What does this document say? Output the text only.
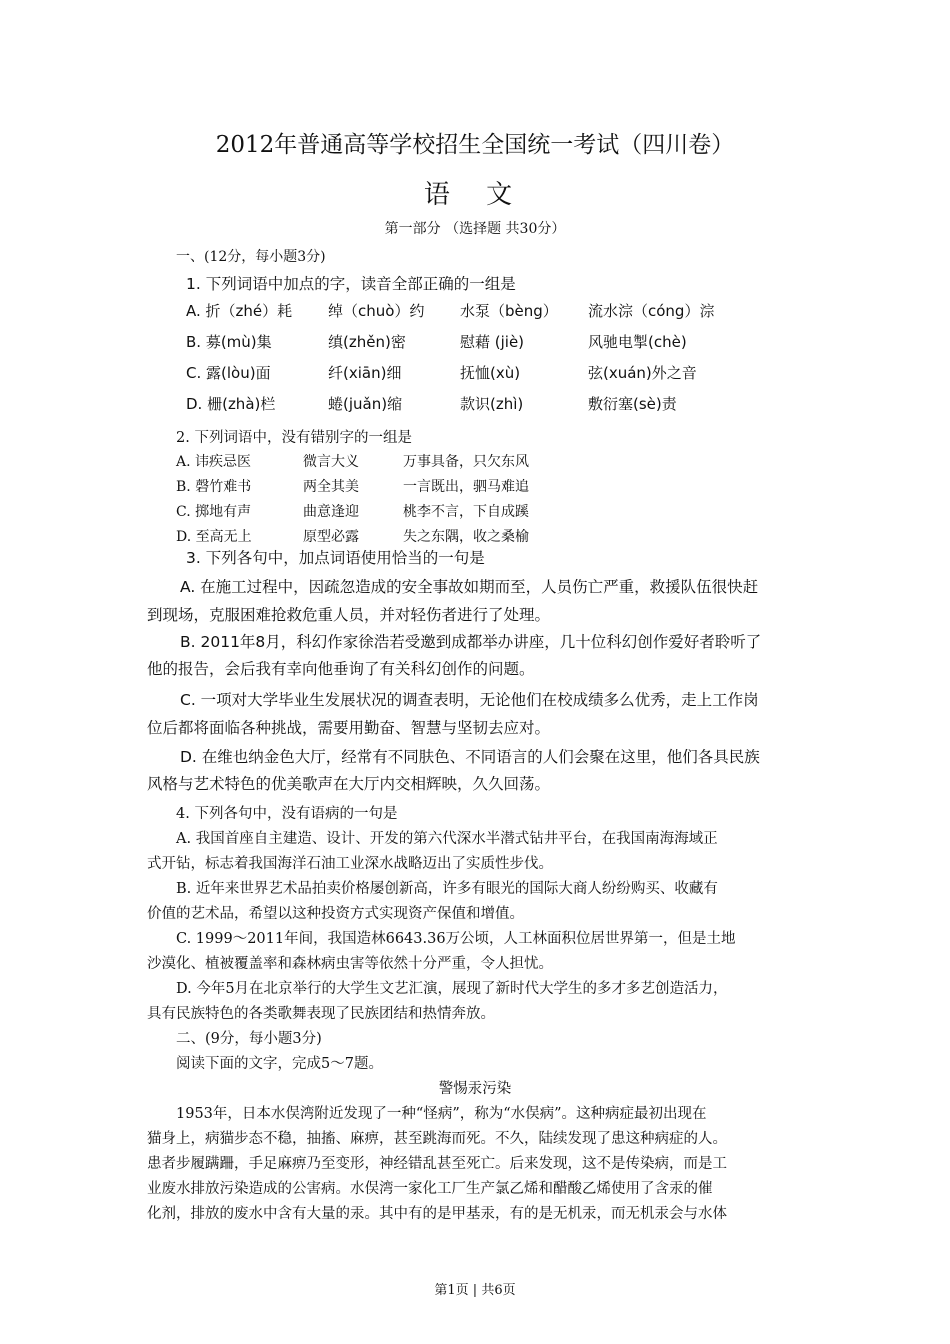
2012年普通高等学校招生全国统一考试（四川卷）
语 文
第一部分 （选择题 共30分）
一、(12分，每小题3分)
1. 下列词语中加点的字，读音全部正确的一组是
A. 折（zhé）耗 绰（chuò）约 水泵（bèng） 流水淙（cóng）淙
B. 募(mù)集	缜(zhěn)密	慰藉 (jiè)	风驰电掣(chè)
C. 露(lòu)面	纤(xiān)细	抚恤(xù)	弦(xuán)外之音
D. 栅(zhà)栏	蜷(juǎn)缩	款识(zhì)	敷衍塞(sè)责
2. 下列词语中，没有错别字的一组是
A. 讳疾忌医	微言大义	万事具备，只欠东风
B. 磬竹难书	两全其美	一言既出，驷马难追
C. 掷地有声	曲意逢迎	桃李不言，下自成蹊
D. 至高无上	原型必露	失之东隅，收之桑榆
3. 下列各句中，加点词语使用恰当的一句是
A. 在施工过程中，因疏忽造成的安全事故如期而至，人员伤亡严重，救援队伍很快赶
到现场，克服困难抢救危重人员，并对轻伤者进行了处理。
B. 2011年8月，科幻作家徐浩若受邀到成都举办讲座，几十位科幻创作爱好者聆听了
他的报告，会后我有幸向他垂询了有关科幻创作的问题。
C. 一项对大学毕业生发展状况的调查表明，无论他们在校成绩多么优秀，走上工作岗
位后都将面临各种挑战，需要用勤奋、智慧与坚韧去应对。
D. 在维也纳金色大厅，经常有不同肤色、不同语言的人们会聚在这里，他们各具民族
风格与艺术特色的优美歌声在大厅内交相辉映，久久回荡。
4. 下列各句中，没有语病的一句是
A. 我国首座自主建造、设计、开发的第六代深水半潜式钻井平台，在我国南海海域正
式开钻，标志着我国海洋石油工业深水战略迈出了实质性步伐。
B. 近年来世界艺术品拍卖价格屡创新高，许多有眼光的国际大商人纷纷购买、收藏有
价值的艺术品，希望以这种投资方式实现资产保值和增值。
C. 1999～2011年间，我国造林6643.36万公顷，人工林面积位居世界第一，但是土地
沙漠化、植被覆盖率和森林病虫害等依然十分严重，令人担忧。
D. 今年5月在北京举行的大学生文艺汇演，展现了新时代大学生的多才多艺创造活力，
具有民族特色的各类歌舞表现了民族团结和热情奔放。
二、(9分，每小题3分)
阅读下面的文字，完成5～7题。
警惕汞污染
1953年，日本水俣湾附近发现了一种“怪病”，称为“水俣病”。这种病症最初出现在
猫身上，病猫步态不稳，抽搐、麻痹，甚至跳海而死。不久，陆续发现了患这种病症的人。
患者步履蹒跚，手足麻痹乃至变形，神经错乱甚至死亡。后来发现，这不是传染病，而是工
业废水排放污染造成的公害病。水俣湾一家化工厂生产氯乙烯和醋酸乙烯使用了含汞的催
化剂，排放的废水中含有大量的汞。其中有的是甲基汞，有的是无机汞，而无机汞会与水体
第1页 | 共6页
